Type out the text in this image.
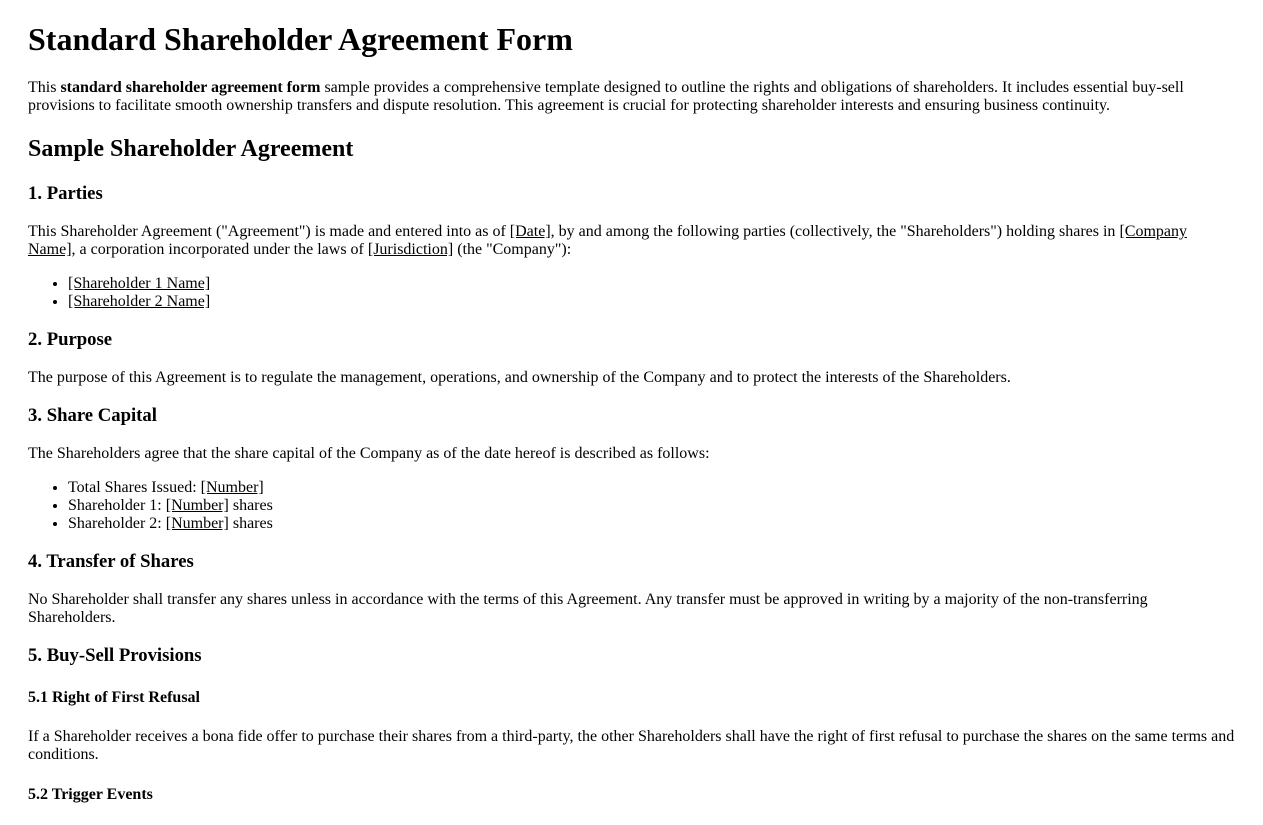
Standard Shareholder Agreement Form

This standard shareholder agreement form sample provides a comprehensive template designed to outline the rights and obligations of shareholders. It includes essential buy-sell provisions to facilitate smooth ownership transfers and dispute resolution. This agreement is crucial for protecting shareholder interests and ensuring business continuity.

Sample Shareholder Agreement
1. Parties

This Shareholder Agreement ("Agreement") is made and entered into as of [Date], by and among the following parties (collectively, the "Shareholders") holding shares in [Company Name], a corporation incorporated under the laws of [Jurisdiction] (the "Company"):

• [Shareholder 1 Name]
• [Shareholder 2 Name]
2. Purpose

The purpose of this Agreement is to regulate the management, operations, and ownership of the Company and to protect the interests of the Shareholders.

3. Share Capital

The Shareholders agree that the share capital of the Company as of the date hereof is described as follows:

• Total Shares Issued: [Number]
• Shareholder 1: [Number] shares
• Shareholder 2: [Number] shares
4. Transfer of Shares

No Shareholder shall transfer any shares unless in accordance with the terms of this Agreement. Any transfer must be approved in writing by a majority of the non-transferring Shareholders.

5. Buy-Sell Provisions
5.1 Right of First Refusal

If a Shareholder receives a bona fide offer to purchase their shares from a third-party, the other Shareholders shall have the right of first refusal to purchase the shares on the same terms and conditions.

5.2 Trigger Events
